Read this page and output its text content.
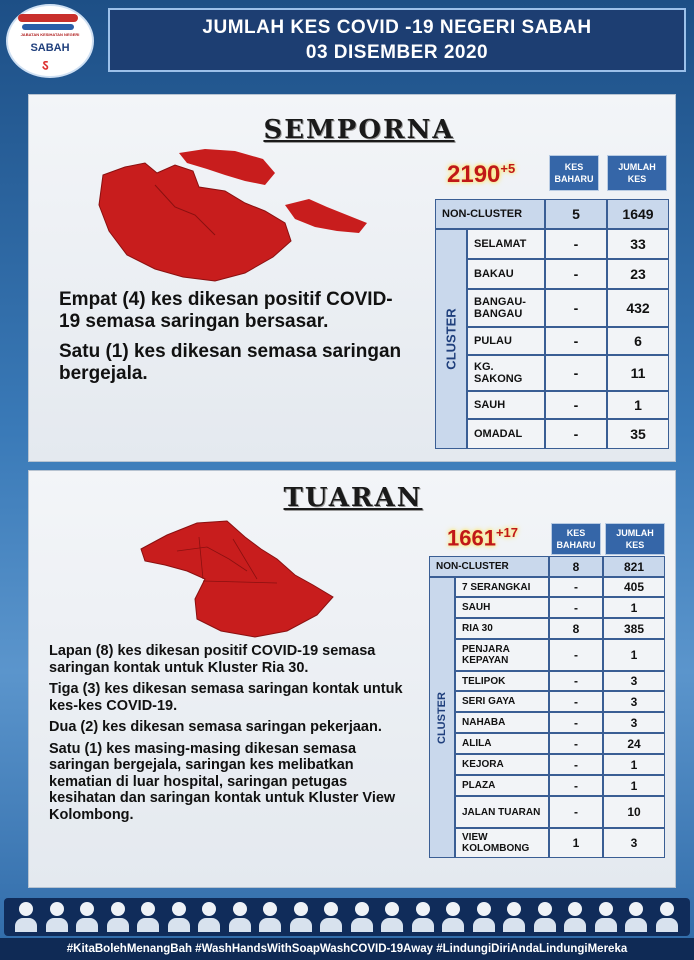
JABATAN KESIHATAN NEGERI
SABAH
ऽ
JUMLAH KES COVID -19 NEGERI SABAH
03 DISEMBER 2020
SEMPORNA
$2190^{+5}$	KES BAHARU
JUMLAH KES
NON-CLUSTER	5	1649
CLUSTER
SELAMAT	-	33
BAKAU	-	23
BANGAU-BANGAU	-	432
PULAU	-	6
KG. SAKONG	-	11
SAUH	-	1
OMADAL	-	35

Empat (4) kes dikesan positif COVID-19 semasa saringan bersasar.

Satu (1) kes dikesan semasa saringan bergejala.

TUARAN
$1661^{+17}$	KES BAHARU
JUMLAH KES
NON-CLUSTER	8	821
CLUSTER
7 SERANGKAI	-	405
SAUH	-	1
RIA 30	8	385
PENJARA KEPAYAN	-	1
TELIPOK	-	3
SERI GAYA	-	3
NAHABA	-	3
ALILA	-	24
KEJORA	-	1
PLAZA	-	1
JALAN TUARAN	-	10
VIEW KOLOMBONG	1	3

Lapan (8) kes dikesan positif COVID-19 semasa saringan kontak untuk Kluster Ria 30.

Tiga (3) kes dikesan semasa saringan kontak untuk kes-kes COVID-19.

Dua (2) kes dikesan semasa saringan pekerjaan.

Satu (1) kes masing-masing dikesan semasa saringan bergejala, saringan kes melibatkan kematian di luar hospital, saringan petugas kesihatan dan saringan kontak untuk Kluster View Kolombong.

#KitaBolehMenangBah #WashHandsWithSoapWashCOVID-19Away #LindungiDiriAndaLindungiMereka
